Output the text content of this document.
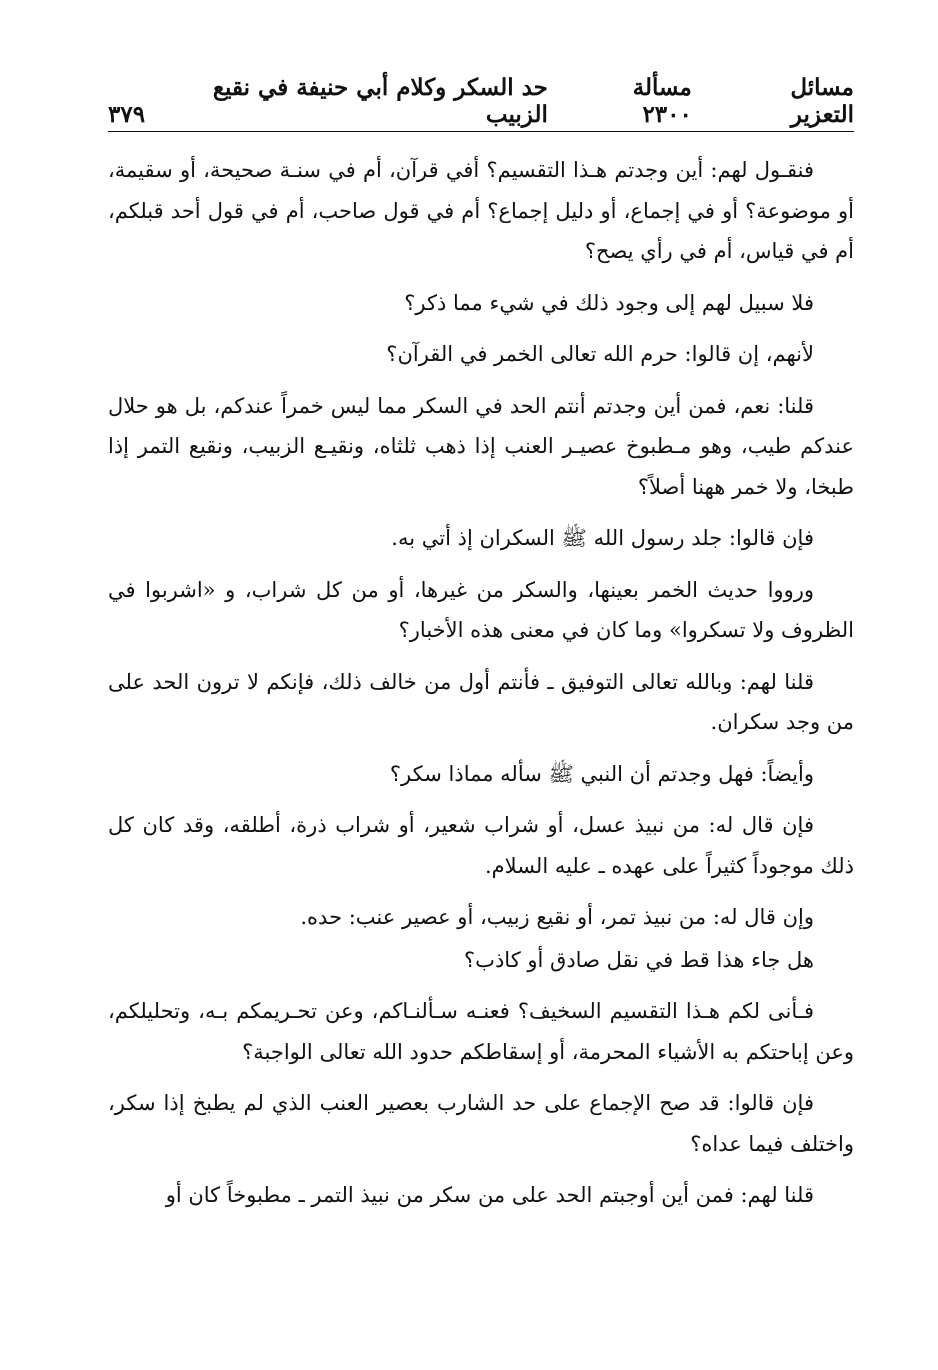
مسائل التعزير
مسألة ٢٣٠٠
حد السكر وكلام أبي حنيفة في نقيع الزبيب
٣٧٩

فنقـول لهم: أين وجدتم هـذا التقسيم؟ أفي قرآن، أم في سنـة صحيحة، أو سقيمة، أو موضوعة؟ أو في إجماع، أو دليل إجماع؟ أم في قول صاحب، أم في قول أحد قبلكم، أم في قياس، أم في رأي يصح؟

فلا سبيل لهم إلى وجود ذلك في شيء مما ذكر؟

لأنهم، إن قالوا: حرم الله تعالى الخمر في القرآن؟

قلنا: نعم، فمن أين وجدتم أنتم الحد في السكر مما ليس خمراً عندكم، بل هو حلال عندكم طيب، وهو مـطبوخ عصيـر العنب إذا ذهب ثلثاه، ونقيـع الزبيب، ونقيع التمر إذا طبخا، ولا خمر ههنا أصلاً؟

فإن قالوا: جلد رسول الله ﷺ السكران إذ أتي به.

ورووا حديث الخمر بعينها، والسكر من غيرها، أو من كل شراب، و «اشربوا في الظروف ولا تسكروا» وما كان في معنى هذه الأخبار؟

قلنا لهم: وبالله تعالى التوفيق ـ فأنتم أول من خالف ذلك، فإنكم لا ترون الحد على من وجد سكران.

وأيضاً: فهل وجدتم أن النبي ﷺ سأله مماذا سكر؟

فإن قال له: من نبيذ عسل، أو شراب شعير، أو شراب ذرة، أطلقه، وقد كان كل ذلك موجوداً كثيراً على عهده ـ عليه السلام.

وإن قال له: من نبيذ تمر، أو نقيع زبيب، أو عصير عنب: حده.

هل جاء هذا قط في نقل صادق أو كاذب؟

فـأنى لكم هـذا التقسيم السخيف؟ فعنـه سـألنـاكم، وعن تحـريمكم بـه، وتحليلكم، وعن إباحتكم به الأشياء المحرمة، أو إسقاطكم حدود الله تعالى الواجبة؟

فإن قالوا: قد صح الإجماع على حد الشارب بعصير العنب الذي لم يطبخ إذا سكر، واختلف فيما عداه؟

قلنا لهم: فمن أين أوجبتم الحد على من سكر من نبيذ التمر ـ مطبوخاً كان أو
